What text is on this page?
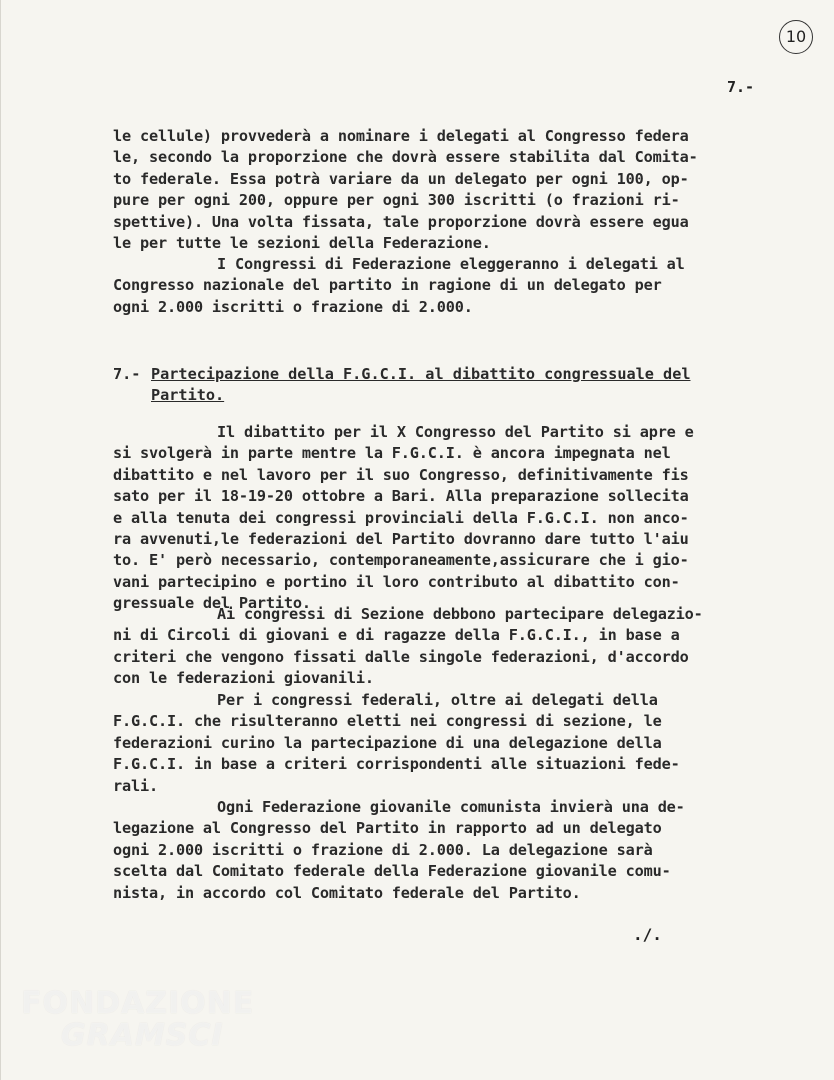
10
7.-
le cellule) provvederà a nominare i delegati al Congresso federa
le, secondo la proporzione che dovrà essere stabilita dal Comita-
to federale. Essa potrà variare da un delegato per ogni 100, op-
pure per ogni 200, oppure per ogni 300 iscritti (o frazioni ri-
spettive). Una volta fissata, tale proporzione dovrà essere egua
le per tutte le sezioni della Federazione.
I Congressi di Federazione eleggeranno i delegati al
Congresso nazionale del partito in ragione di un delegato per
ogni 2.000 iscritti o frazione di 2.000.
7.- Partecipazione della F.G.C.I. al dibattito congressuale del
Partito.
Il dibattito per il X Congresso del Partito si apre e
si svolgerà in parte mentre la F.G.C.I. è ancora impegnata nel
dibattito e nel lavoro per il suo Congresso, definitivamente fis
sato per il 18-19-20 ottobre a Bari. Alla preparazione sollecita
e alla tenuta dei congressi provinciali della F.G.C.I. non anco-
ra avvenuti,le federazioni del Partito dovranno dare tutto l'aiu
to. E' però necessario, contemporaneamente,assicurare che i gio-
vani partecipino e portino il loro contributo al dibattito con-
gressuale del Partito.
Ai congressi di Sezione debbono partecipare delegazio-
ni di Circoli di giovani e di ragazze della F.G.C.I., in base a
criteri che vengono fissati dalle singole federazioni, d'accordo
con le federazioni giovanili.
Per i congressi federali, oltre ai delegati della
F.G.C.I. che risulteranno eletti nei congressi di sezione, le
federazioni curino la partecipazione di una delegazione della
F.G.C.I. in base a criteri corrispondenti alle situazioni fede-
rali.
Ogni Federazione giovanile comunista invierà una de-
legazione al Congresso del Partito in rapporto ad un delegato
ogni 2.000 iscritti o frazione di 2.000. La delegazione sarà
scelta dal Comitato federale della Federazione giovanile comu-
nista, in accordo col Comitato federale del Partito.
./.
FONDAZIONE
GRAMSCI
